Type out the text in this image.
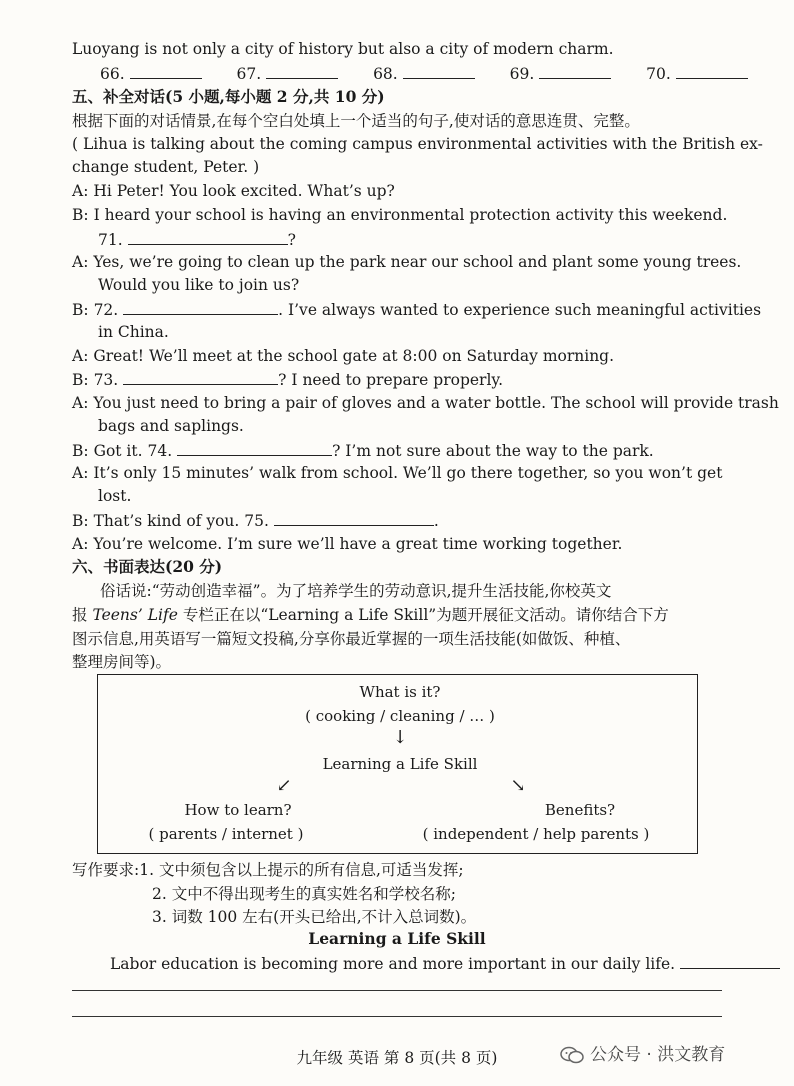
Luoyang is not only a city of history but also a city of modern charm.
66.	67.	68.	69.	70.
五、补全对话(5 小题,每小题 2 分,共 10 分)
根据下面的对话情景,在每个空白处填上一个适当的句子,使对话的意思连贯、完整。
( Lihua is talking about the coming campus environmental activities with the British ex-
change student, Peter. )
A: Hi Peter! You look excited. What’s up?
B: I heard your school is having an environmental protection activity this weekend.
71.	?
A: Yes, we’re going to clean up the park near our school and plant some young trees.
Would you like to join us?
B: 72.	. I’ve always wanted to experience such meaningful activities
in China.
A: Great! We’ll meet at the school gate at 8:00 on Saturday morning.
B: 73.	? I need to prepare properly.
A: You just need to bring a pair of gloves and a water bottle. The school will provide trash
bags and saplings.
B: Got it. 74.	? I’m not sure about the way to the park.
A: It’s only 15 minutes’ walk from school. We’ll go there together, so you won’t get
lost.
B: That’s kind of you. 75.	.
A: You’re welcome. I’m sure we’ll have a great time working together.
六、书面表达(20 分)
俗话说:“劳动创造幸福”。为了培养学生的劳动意识,提升生活技能,你校英文
报 Teens’ Life 专栏正在以“Learning a Life Skill”为题开展征文活动。请你结合下方
图示信息,用英语写一篇短文投稿,分享你最近掌握的一项生活技能(如做饭、种植、
整理房间等)。
What is it?
( cooking / cleaning / … )
↓
Learning a Life Skill
↙	↘
How to learn?
( parents / internet )
Benefits?
( independent / help parents )
写作要求:1. 文中须包含以上提示的所有信息,可适当发挥;
2. 文中不得出现考生的真实姓名和学校名称;
3. 词数 100 左右(开头已给出,不计入总词数)。
Learning a Life Skill
Labor education is becoming more and more important in our daily life.
九年级 英语 第 8 页(共 8 页)	公众号 · 洪文教育
